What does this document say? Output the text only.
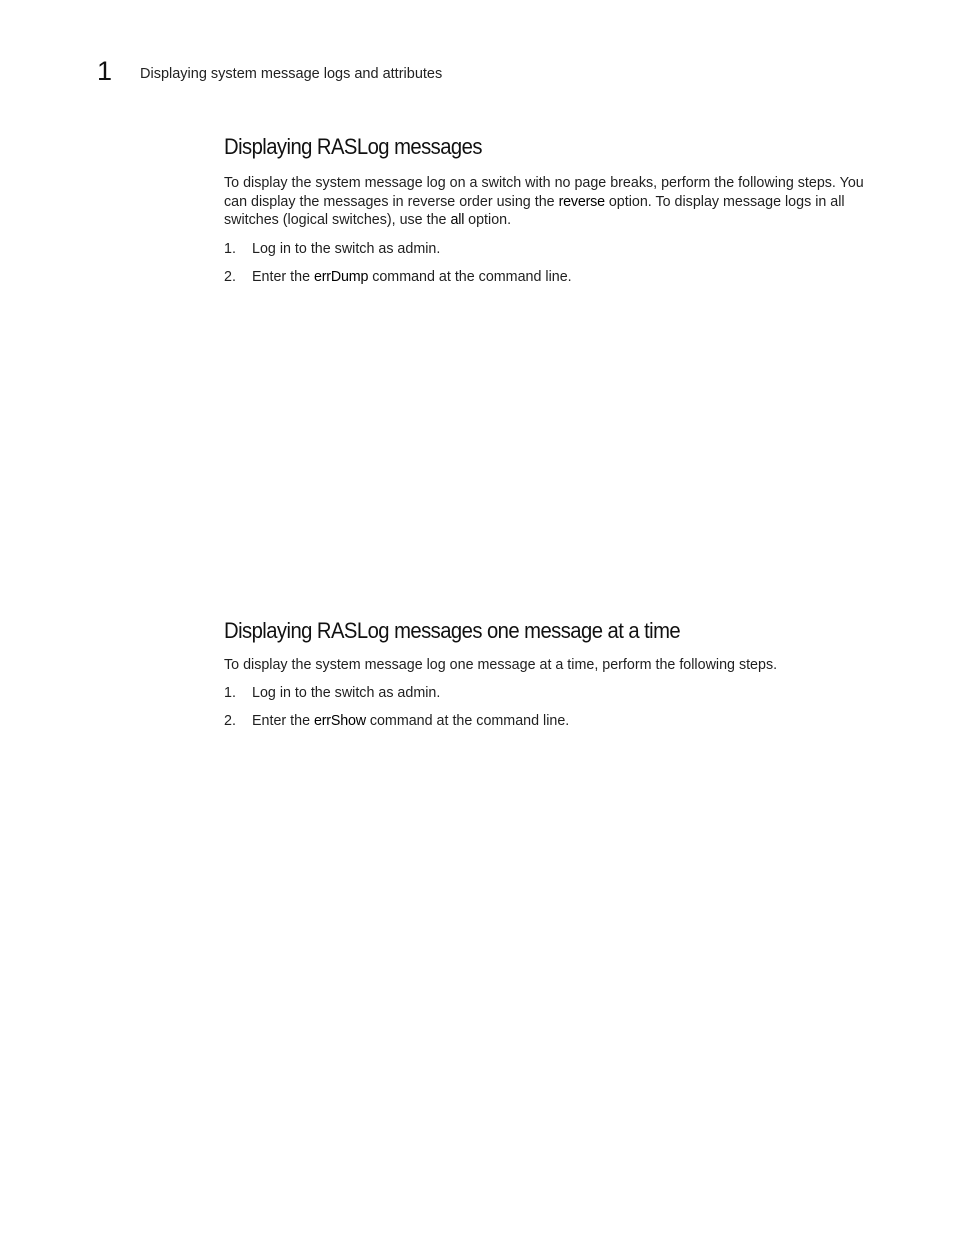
1 Displaying system message logs and attributes
Displaying RASLog messages

To display the system message log on a switch with no page breaks, perform the following steps. You can display the messages in reverse order using the reverse option. To display message logs in all switches (logical switches), use the all option.

1. Log in to the switch as admin.
2. Enter the errDump command at the command line.
Displaying RASLog messages one message at a time

To display the system message log one message at a time, perform the following steps.

1. Log in to the switch as admin.
2. Enter the errShow command at the command line.
